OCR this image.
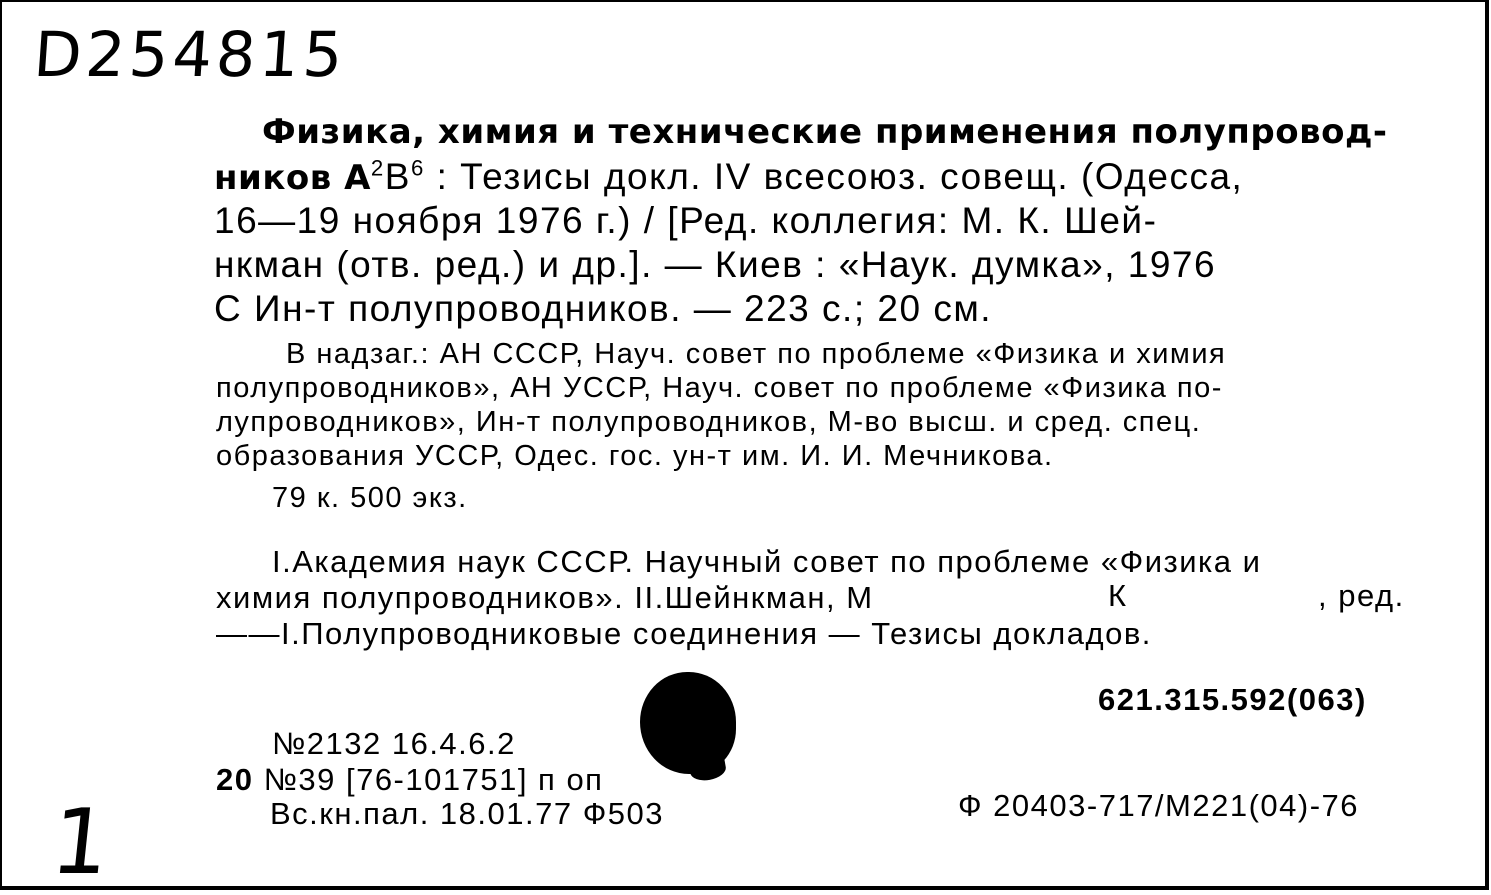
D254815
Физика, химия и технические применения полупровод-
ников $А^2В^6$ : Тезисы докл. IV всесоюз. совещ. (Одесса,
16—19 ноября 1976 г.) / [Ред. коллегия: М. К. Шей-
нкман (отв. ред.) и др.]. — Киев : «Наук. думка», 1976
С Ин-т полупроводников. — 223 с.; 20 см.
В надзаг.: АН СССР, Науч. совет по проблеме «Физика и химия
полупроводников», АН УССР, Науч. совет по проблеме «Физика по-
лупроводников», Ин-т полупроводников, М-во высш. и сред. спец.
образования УССР, Одес. гос. ун-т им. И. И. Мечникова.
79 к. 500 экз.
I.Академия наук СССР. Научный совет по проблеме «Физика и
химия полупроводников». II.Шейнкман, М	К	, ред.
——I.Полупроводниковые соединения — Тезисы докладов.
621.315.592(063)
№2132 16.4.6.2
20 №39 [76-101751] п оп
Вс.кн.пал. 18.01.77 Ф503	Ф 20403-717/М221(04)-76
1
